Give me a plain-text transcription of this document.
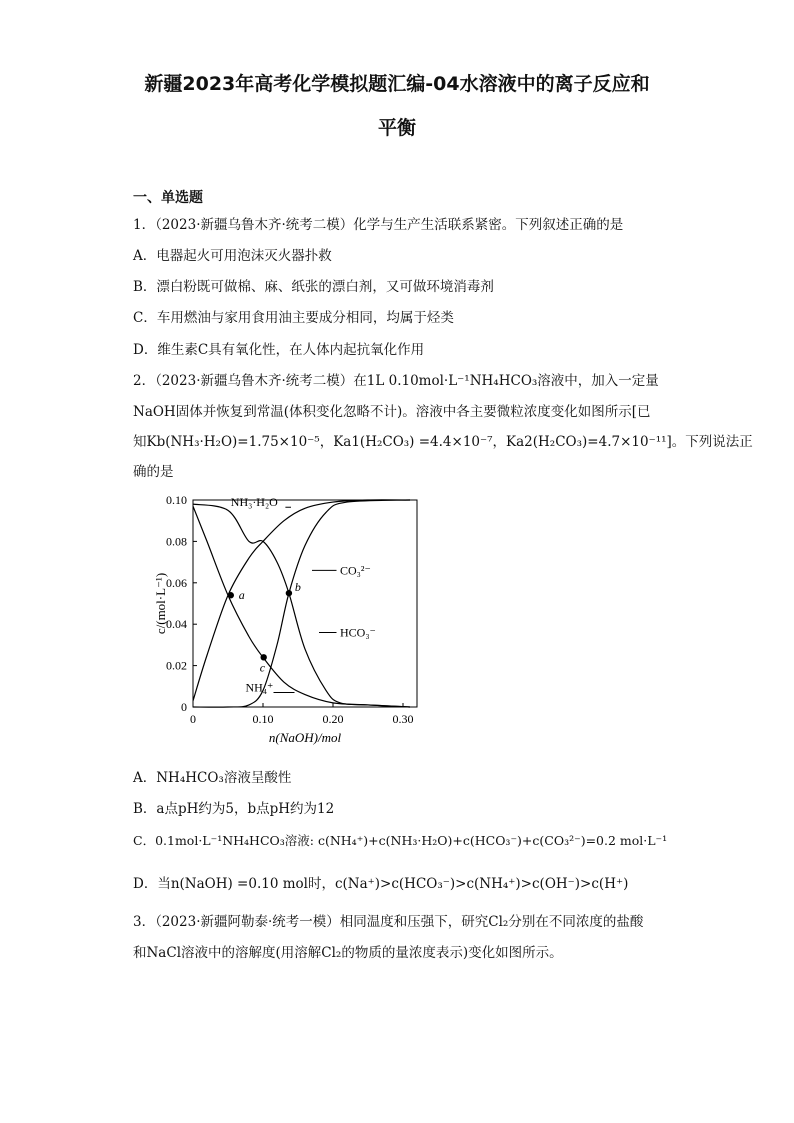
新疆2023年高考化学模拟题汇编-04水溶液中的离子反应和
平衡
一、单选题
1．（2023·新疆乌鲁木齐·统考二模）化学与生产生活联系紧密。下列叙述正确的是
A．电器起火可用泡沫灭火器扑救
B．漂白粉既可做棉、麻、纸张的漂白剂，又可做环境消毒剂
C．车用燃油与家用食用油主要成分相同，均属于烃类
D．维生素C具有氧化性，在人体内起抗氧化作用
2．（2023·新疆乌鲁木齐·统考二模）在1L 0.10mol·L⁻¹NH₄HCO₃溶液中，加入一定量
NaOH固体并恢复到常温(体积变化忽略不计)。溶液中各主要微粒浓度变化如图所示[已
知Kb(NH₃·H₂O)=1.75×10⁻⁵，Ka1(H₂CO₃) =4.4×10⁻⁷，Ka2(H₂CO₃)=4.7×10⁻¹¹]。下列说法正
确的是
0
0.02
0.04
0.06
0.08
0.10
0	0.10	0.20	0.30
n(NaOH)/mol
c/(mol·L⁻¹)
NH₃·H₂O
CO₃²⁻
HCO₃⁻
NH₄⁺
a
b
c
A．NH₄HCO₃溶液呈酸性
B．a点pH约为5，b点pH约为12
C．0.1mol·L⁻¹NH₄HCO₃溶液: c(NH₄⁺)+c(NH₃·H₂O)+c(HCO₃⁻)+c(CO₃²⁻)=0.2 mol·L⁻¹
D．当n(NaOH) =0.10 mol时，c(Na⁺)>c(HCO₃⁻)>c(NH₄⁺)>c(OH⁻)>c(H⁺)
3．（2023·新疆阿勒泰·统考一模）相同温度和压强下，研究Cl₂分别在不同浓度的盐酸
和NaCl溶液中的溶解度(用溶解Cl₂的物质的量浓度表示)变化如图所示。
